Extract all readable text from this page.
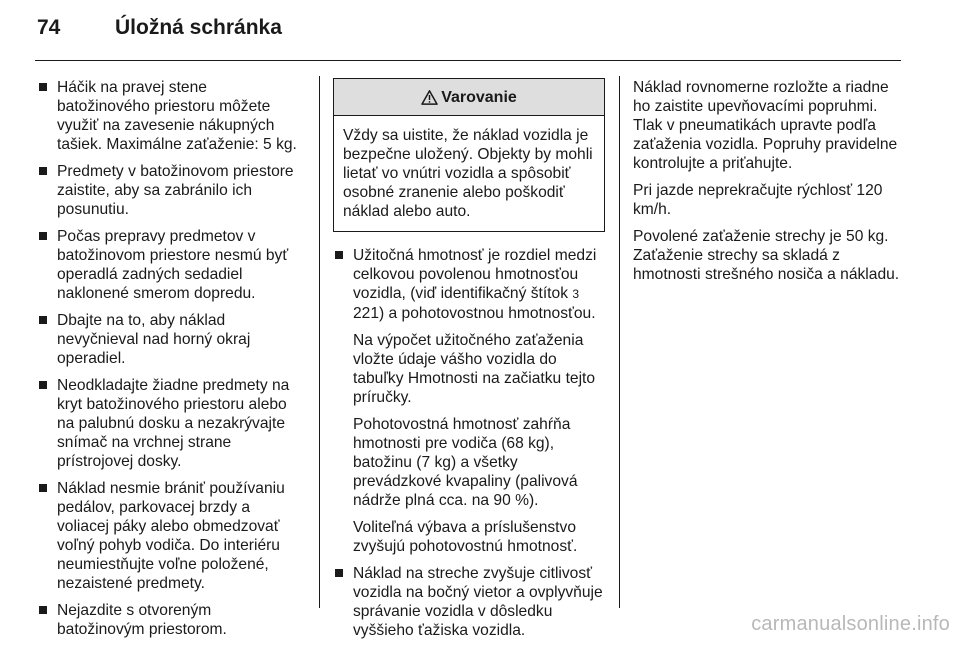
74	Úložná schránka
Háčik na pravej stene batožinového priestoru môžete využiť na zavesenie nákupných tašiek. Maximálne zaťaženie: 5 kg.
Predmety v batožinovom priestore zaistite, aby sa zabránilo ich posunutiu.
Počas prepravy predmetov v batožinovom priestore nesmú byť operadlá zadných sedadiel naklonené smerom dopredu.
Dbajte na to, aby náklad nevyčnieval nad horný okraj operadiel.
Neodkladajte žiadne predmety na kryt batožinového priestoru alebo na palubnú dosku a nezakrývajte snímač na vrchnej strane prístrojovej dosky.
Náklad nesmie brániť používaniu pedálov, parkovacej brzdy a voliacej páky alebo obmedzovať voľný pohyb vodiča. Do interiéru neumiestňujte voľne položené, nezaistené predmety.
Nejazdite s otvoreným batožinovým priestorom.
Varovanie
Vždy sa uistite, že náklad vozidla je bezpečne uložený. Objekty by mohli lietať vo vnútri vozidla a spôsobiť osobné zranenie alebo poškodiť náklad alebo auto.
Užitočná hmotnosť je rozdiel medzi celkovou povolenou hmotnosťou vozidla, (viď identifikačný štítok 3 221) a pohotovostnou hmotnosťou.

Na výpočet užitočného zaťaženia vložte údaje vášho vozidla do tabuľky Hmotnosti na začiatku tejto príručky.

Pohotovostná hmotnosť zahŕňa hmotnosti pre vodiča (68 kg), batožinu (7 kg) a všetky prevádzkové kvapaliny (palivová nádrže plná cca. na 90 %).

Voliteľná výbava a príslušenstvo zvyšujú pohotovostnú hmotnosť.

Náklad na streche zvyšuje citlivosť vozidla na bočný vietor a ovplyvňuje správanie vozidla v dôsledku vyššieho ťažiska vozidla.

Náklad rovnomerne rozložte a riadne ho zaistite upevňovacími popruhmi. Tlak v pneumatikách upravte podľa zaťaženia vozidla. Popruhy pravidelne kontrolujte a priťahujte.

Pri jazde neprekračujte rýchlosť 120 km/h.

Povolené zaťaženie strechy je 50 kg. Zaťaženie strechy sa skladá z hmotnosti strešného nosiča a nákladu.

carmanualsonline.info
